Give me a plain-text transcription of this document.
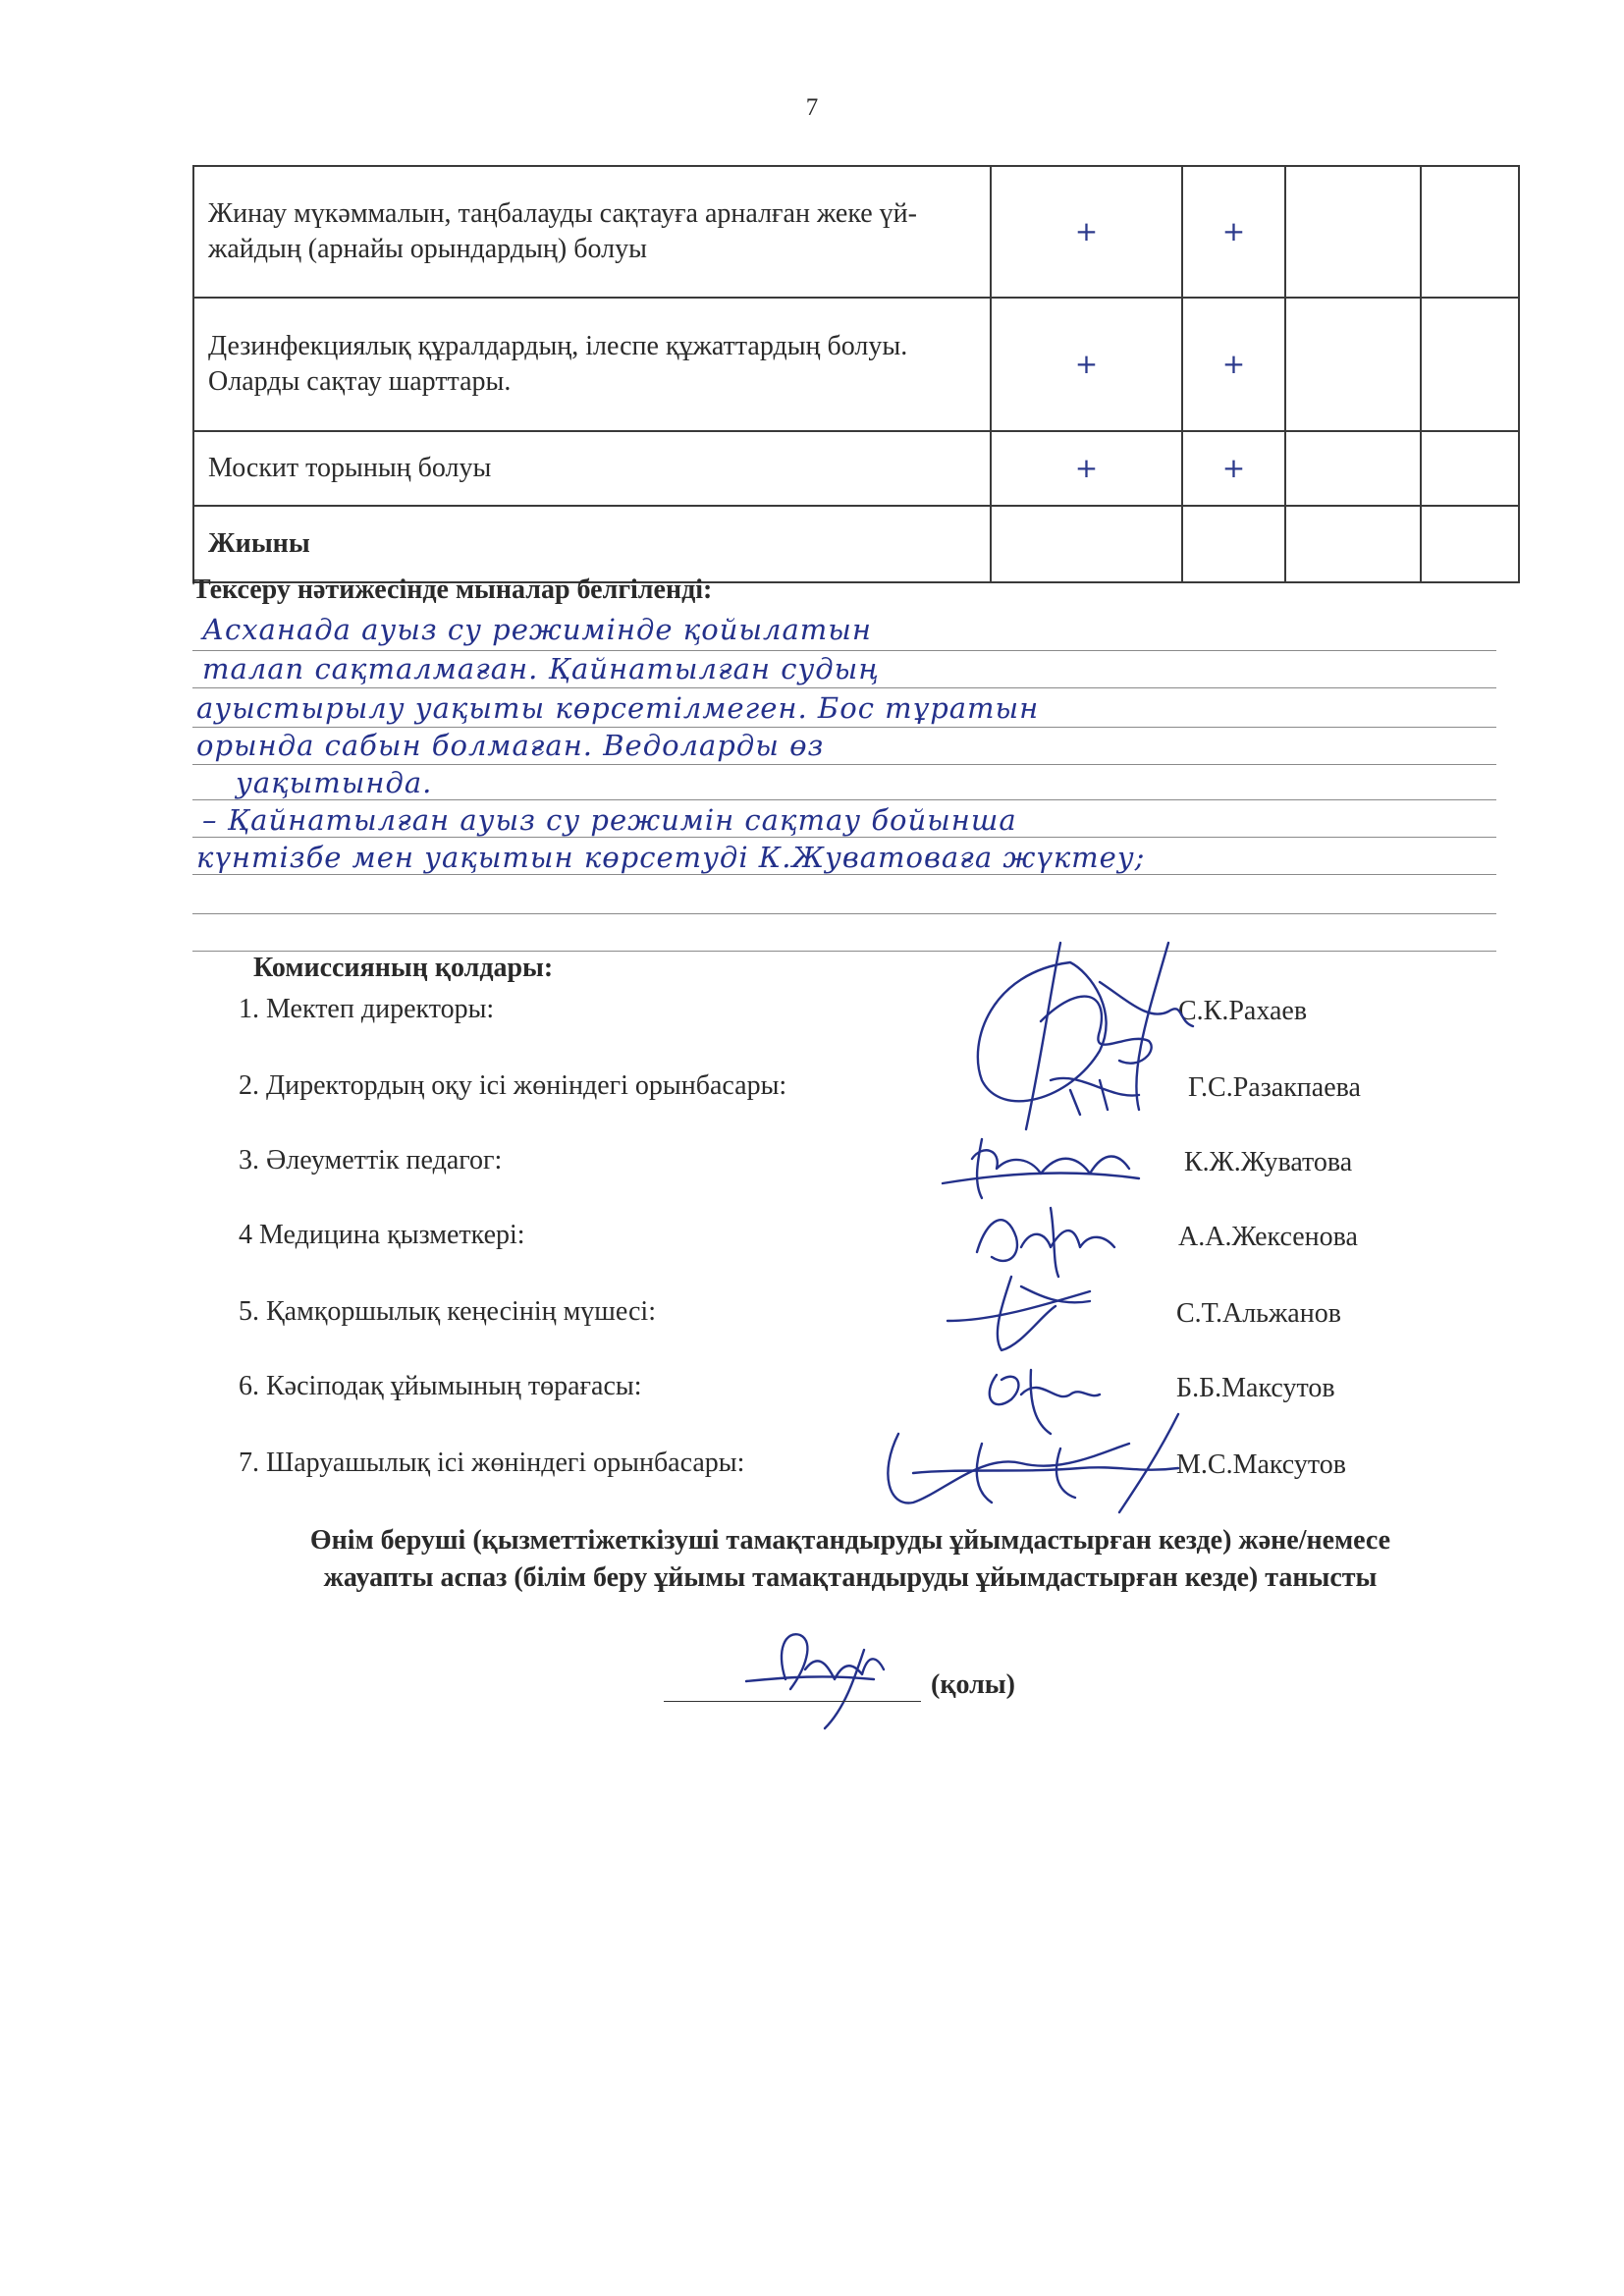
7
Жинау мүкәммалын, таңбалауды сақтауға арналған жеке үй-жайдың (арнайы орындардың) болуы	+	+		
Дезинфекциялық құралдардың, ілеспе құжаттардың болуы. Оларды сақтау шарттары.	+	+		
Москит торының болуы	+	+		
Жиыны				
Тексеру нәтижесінде мыналар белгіленді:
Асханада ауыз су режимінде қойылатын
талап сақталмаған. Қайнатылған судың
ауыстырылу уақыты көрсетілмеген. Бос тұратын
орында сабын болмаған. Ведоларды өз
уақытында.
– Қайнатылған ауыз су режимін сақтау бойынша
күнтізбе мен уақытын көрсетуді К.Жуватоваға жүктеу;
Комиссияның қолдары:
1. Мектеп директоры:	С.К.Рахаев
2. Директордың оқу ісі жөніндегі орынбасары:	Г.С.Разакпаева
3. Әлеуметтік педагог:	К.Ж.Жуватова
4 Медицина қызметкері:	А.А.Жексенова
5. Қамқоршылық кеңесінің мүшесі:	С.Т.Альжанов
6. Кәсіподақ ұйымының төрағасы:	Б.Б.Максутов
7. Шаруашылық ісі жөніндегі орынбасары:	М.С.Максутов
Өнім беруші (қызметтіжеткізуші тамақтандыруды ұйымдастырған кезде) және/немесе
жауапты аспаз (білім беру ұйымы тамақтандыруды ұйымдастырған кезде) танысты
(қолы)
